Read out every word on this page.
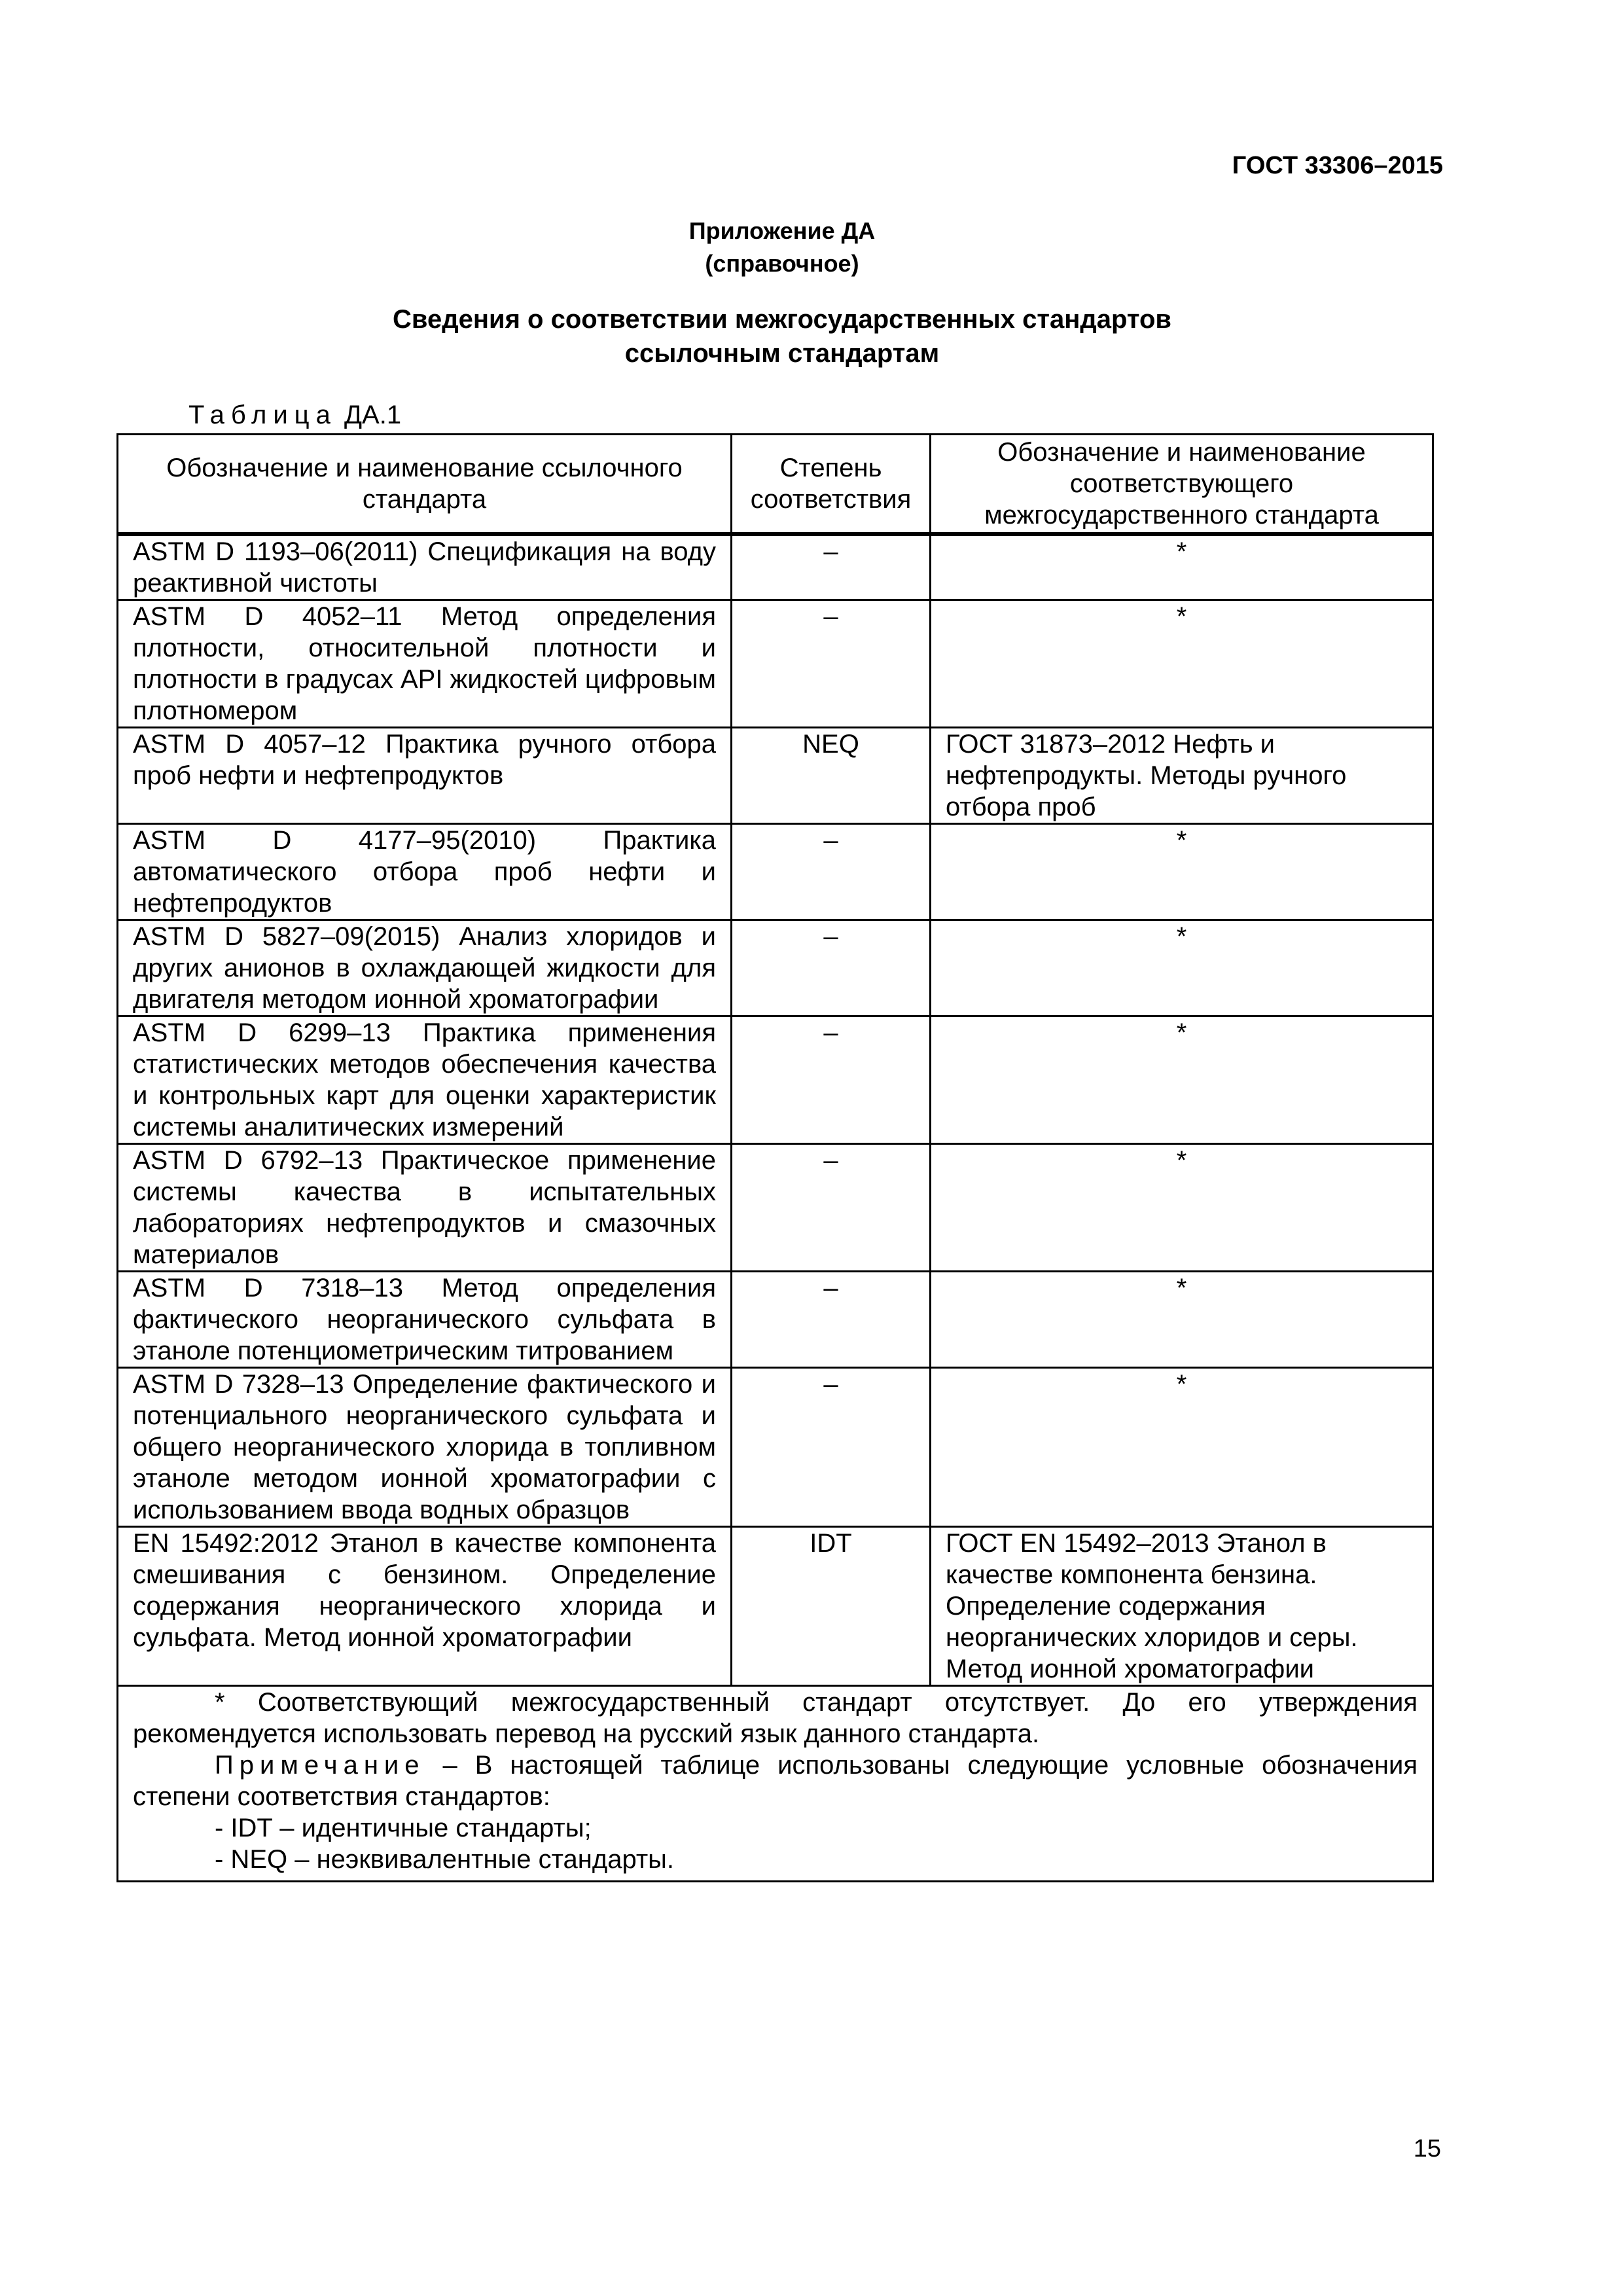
ГОСТ 33306–2015
Приложение ДА
(справочное)
Сведения о соответствии межгосударственных стандартов
ссылочным стандартам
Таблица ДА.1
Обозначение и наименование ссылочного стандарта	Степень соответствия	Обозначение и наименование соответствующего межгосударственного стандарта
ASTM D 1193–06(2011) Спецификация на воду реактивной чистоты	–	*
ASTM D 4052–11 Метод определения плотности, относительной плотности и плотности в градусах API жидкостей цифровым плотномером	–	*
ASTM D 4057–12 Практика ручного отбора проб нефти и нефтепродуктов	NEQ	ГОСТ 31873–2012 Нефть и нефтепродукты. Методы ручного отбора проб
ASTM D 4177–95(2010) Практика автоматического отбора проб нефти и нефтепродуктов	–	*
ASTM D 5827–09(2015) Анализ хлоридов и других анионов в охлаждающей жидкости для двигателя методом ионной хроматографии	–	*
ASTM D 6299–13 Практика применения статистических методов обеспечения качества и контрольных карт для оценки характеристик системы аналитических измерений	–	*
ASTM D 6792–13 Практическое применение системы качества в испытательных лабораториях нефтепродуктов и смазочных материалов	–	*
ASTM D 7318–13 Метод определения фактического неорганического сульфата в этаноле потенциометрическим титрованием	–	*
ASTM D 7328–13 Определение фактического и потенциального неорганического сульфата и общего неорганического хлорида в топливном этаноле методом ионной хроматографии с использованием ввода водных образцов	–	*
EN 15492:2012 Этанол в качестве компонента смешивания с бензином. Определение содержания неорганического хлорида и сульфата. Метод ионной хроматографии	IDT	ГОСТ EN 15492–2013 Этанол в качестве компонента бензина. Определение содержания неорганических хлоридов и серы. Метод ионной хроматографии

* Соответствующий межгосударственный стандарт отсутствует. До его утверждения рекомендуется использовать перевод на русский язык данного стандарта.

Примечание – В настоящей таблице использованы следующие условные обозначения степени соответствия стандартов:

- IDT – идентичные стандарты;

- NEQ – неэквивалентные стандарты.		

15
